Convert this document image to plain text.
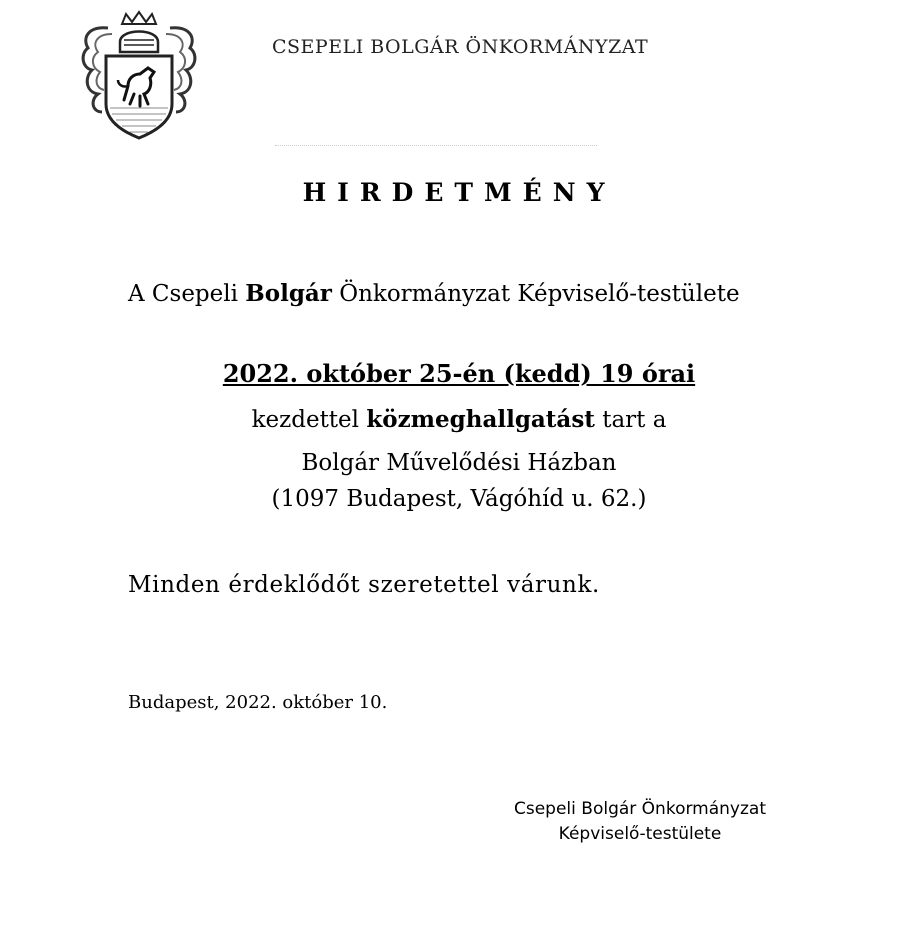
CSEPELI BOLGÁR ÖNKORMÁNYZAT
HIRDETMÉNY
A Csepeli Bolgár Önkormányzat Képviselő-testülete
2022. október 25-én (kedd) 19 órai
kezdettel közmeghallgatást tart a
Bolgár Művelődési Házban
(1097 Budapest, Vágóhíd u. 62.)
Minden érdeklődőt szeretettel várunk.
Budapest, 2022. október 10.
Csepeli Bolgár Önkormányzat
Képviselő-testülete
